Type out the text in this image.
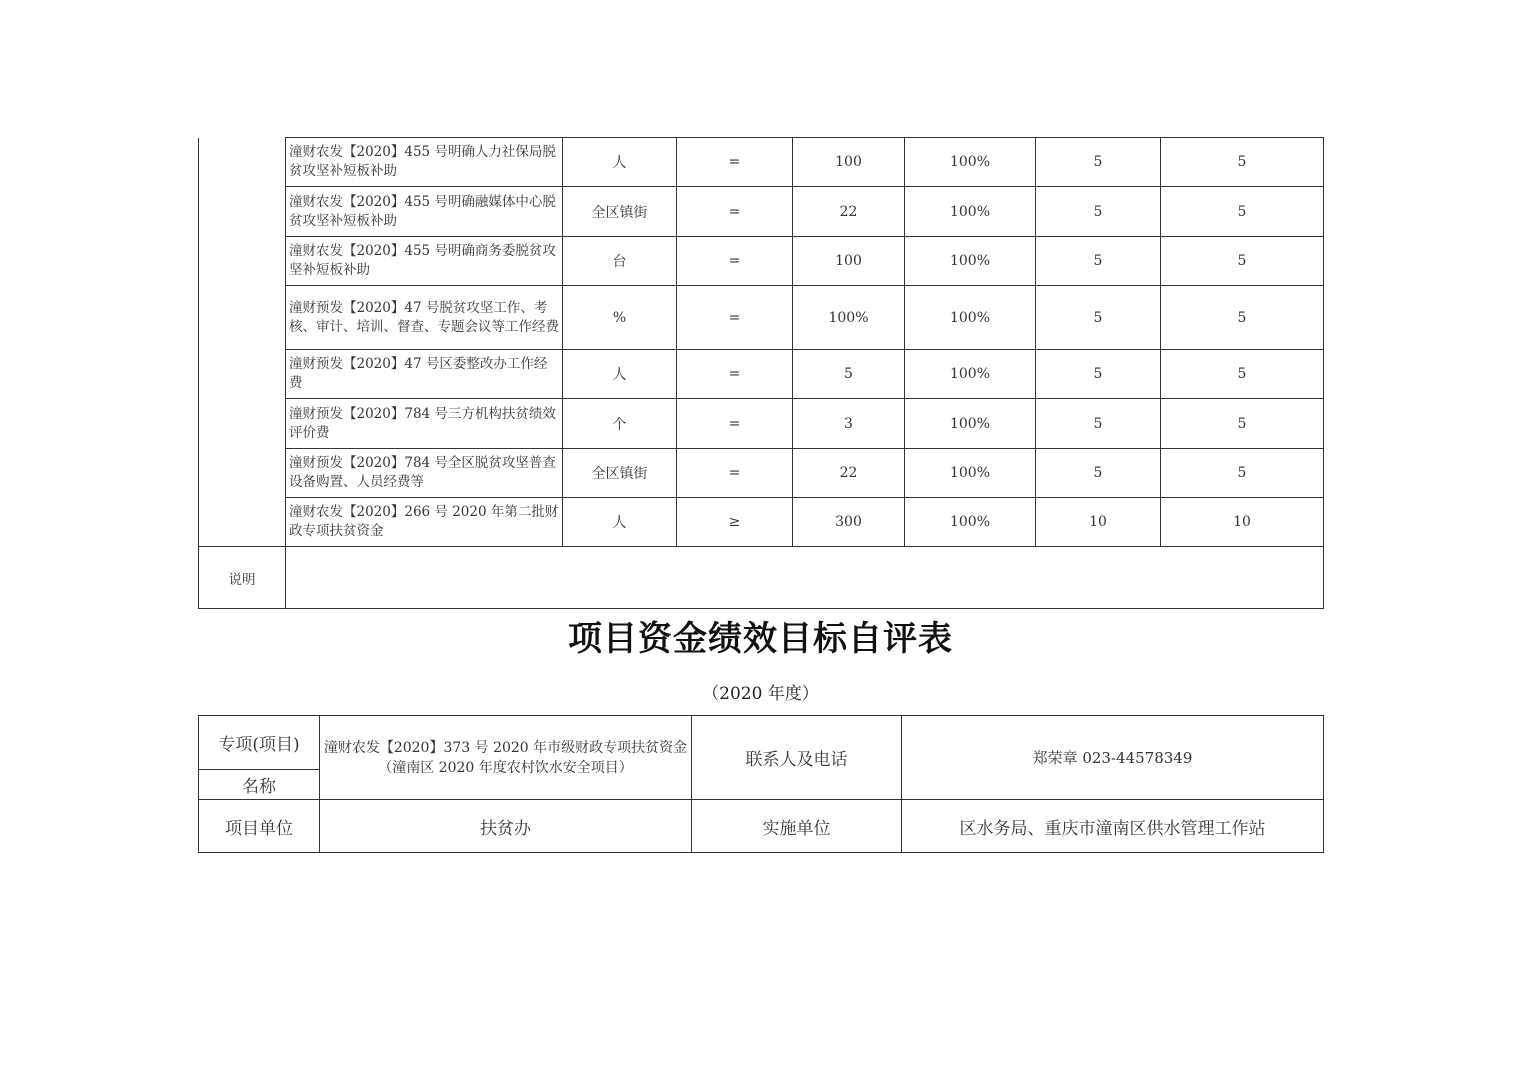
	潼财农发【2020】455 号明确人力社保局脱贫攻坚补短板补助	人	=	100	100%	5	5
	潼财农发【2020】455 号明确融媒体中心脱贫攻坚补短板补助	全区镇街	=	22	100%	5	5
	潼财农发【2020】455 号明确商务委脱贫攻坚补短板补助	台	=	100	100%	5	5
	潼财预发【2020】47 号脱贫攻坚工作、考核、审计、培训、督查、专题会议等工作经费	%	=	100%	100%	5	5
	潼财预发【2020】47 号区委整改办工作经费	人	=	5	100%	5	5
	潼财预发【2020】784 号三方机构扶贫绩效评价费	个	=	3	100%	5	5
	潼财预发【2020】784 号全区脱贫攻坚普查设备购置、人员经费等	全区镇街	=	22	100%	5	5
	潼财农发【2020】266 号 2020 年第二批财政专项扶贫资金	人	≥	300	100%	10	10
说明							
项目资金绩效目标自评表

（2020 年度）

专项(项目)	潼财农发【2020】373 号 2020 年市级财政专项扶贫资金（潼南区 2020 年度农村饮水安全项目）	联系人及电话	郑荣章 023-44578349
名称			
项目单位	扶贫办	实施单位	区水务局、重庆市潼南区供水管理工作站
